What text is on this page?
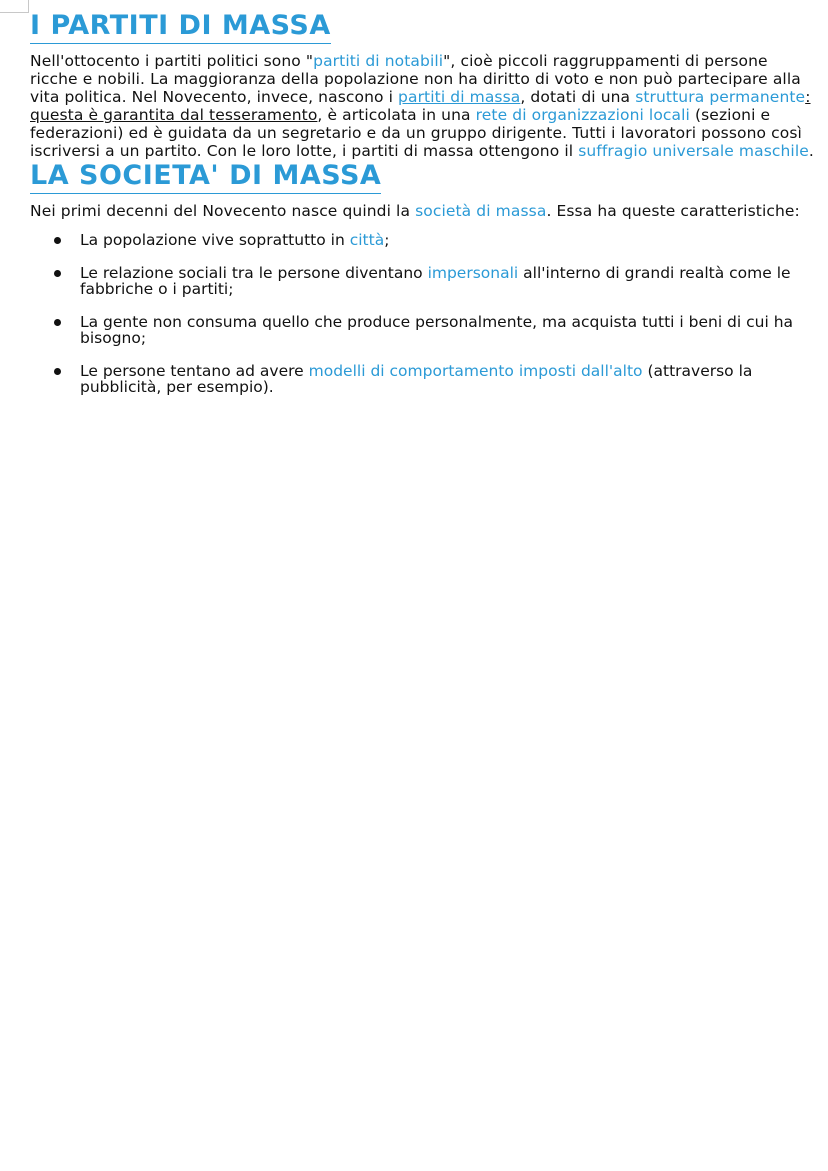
I PARTITI DI MASSA

Nell'ottocento i partiti politici sono "partiti di notabili", cioè piccoli raggruppamenti di persone ricche e nobili. La maggioranza della popolazione non ha diritto di voto e non può partecipare alla vita politica. Nel Novecento, invece, nascono i partiti di massa, dotati di una struttura permanente: questa è garantita dal tesseramento, è articolata in una rete di organizzazioni locali (sezioni e federazioni) ed è guidata da un segretario e da un gruppo dirigente. Tutti i lavoratori possono così iscriversi a un partito. Con le loro lotte, i partiti di massa ottengono il suffragio universale maschile.

LA SOCIETA' DI MASSA

Nei primi decenni del Novecento nasce quindi la società di massa. Essa ha queste caratteristiche:

La popolazione vive soprattutto in città;
Le relazione sociali tra le persone diventano impersonali all'interno di grandi realtà come le fabbriche o i partiti;
La gente non consuma quello che produce personalmente, ma acquista tutti i beni di cui ha bisogno;
Le persone tentano ad avere modelli di comportamento imposti dall'alto (attraverso la pubblicità, per esempio).
